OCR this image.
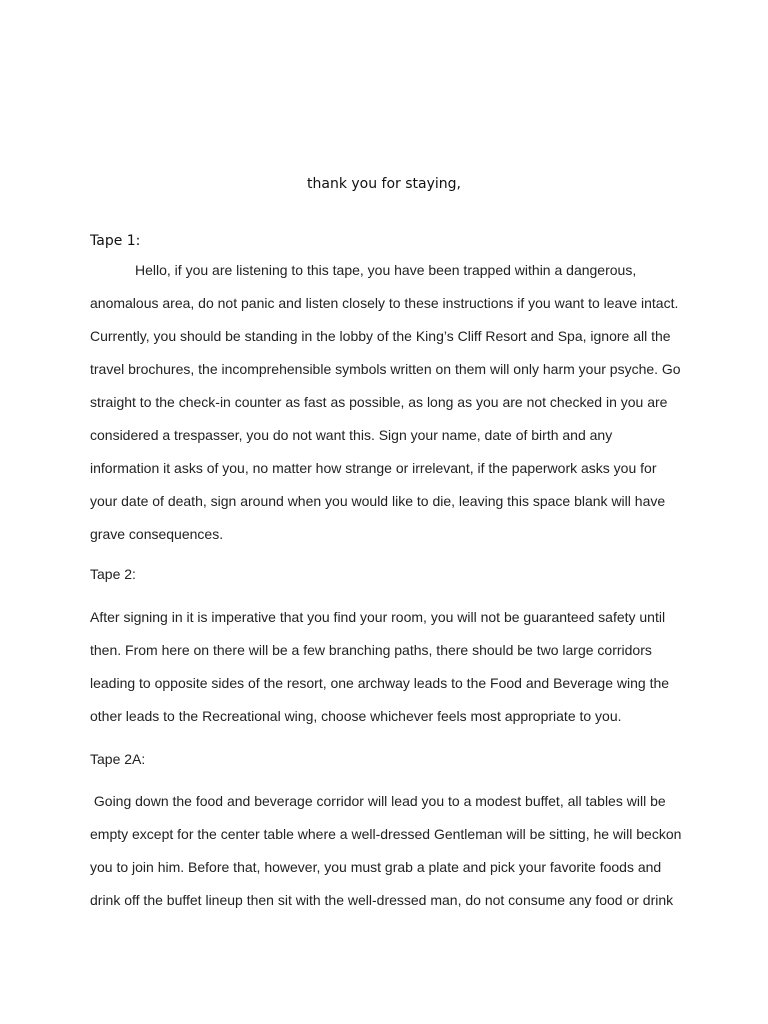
thank you for staying,
Tape 1:
Hello, if you are listening to this tape, you have been trapped within a dangerous,
anomalous area, do not panic and listen closely to these instructions if you want to leave intact.
Currently, you should be standing in the lobby of the King’s Cliff Resort and Spa, ignore all the
travel brochures, the incomprehensible symbols written on them will only harm your psyche. Go
straight to the check-in counter as fast as possible, as long as you are not checked in you are
considered a trespasser, you do not want this. Sign your name, date of birth and any
information it asks of you, no matter how strange or irrelevant, if the paperwork asks you for
your date of death, sign around when you would like to die, leaving this space blank will have
grave consequences.
Tape 2:
After signing in it is imperative that you find your room, you will not be guaranteed safety until
then. From here on there will be a few branching paths, there should be two large corridors
leading to opposite sides of the resort, one archway leads to the Food and Beverage wing the
other leads to the Recreational wing, choose whichever feels most appropriate to you.
Tape 2A:
Going down the food and beverage corridor will lead you to a modest buffet, all tables will be
empty except for the center table where a well-dressed Gentleman will be sitting, he will beckon
you to join him. Before that, however, you must grab a plate and pick your favorite foods and
drink off the buffet lineup then sit with the well-dressed man, do not consume any food or drink
